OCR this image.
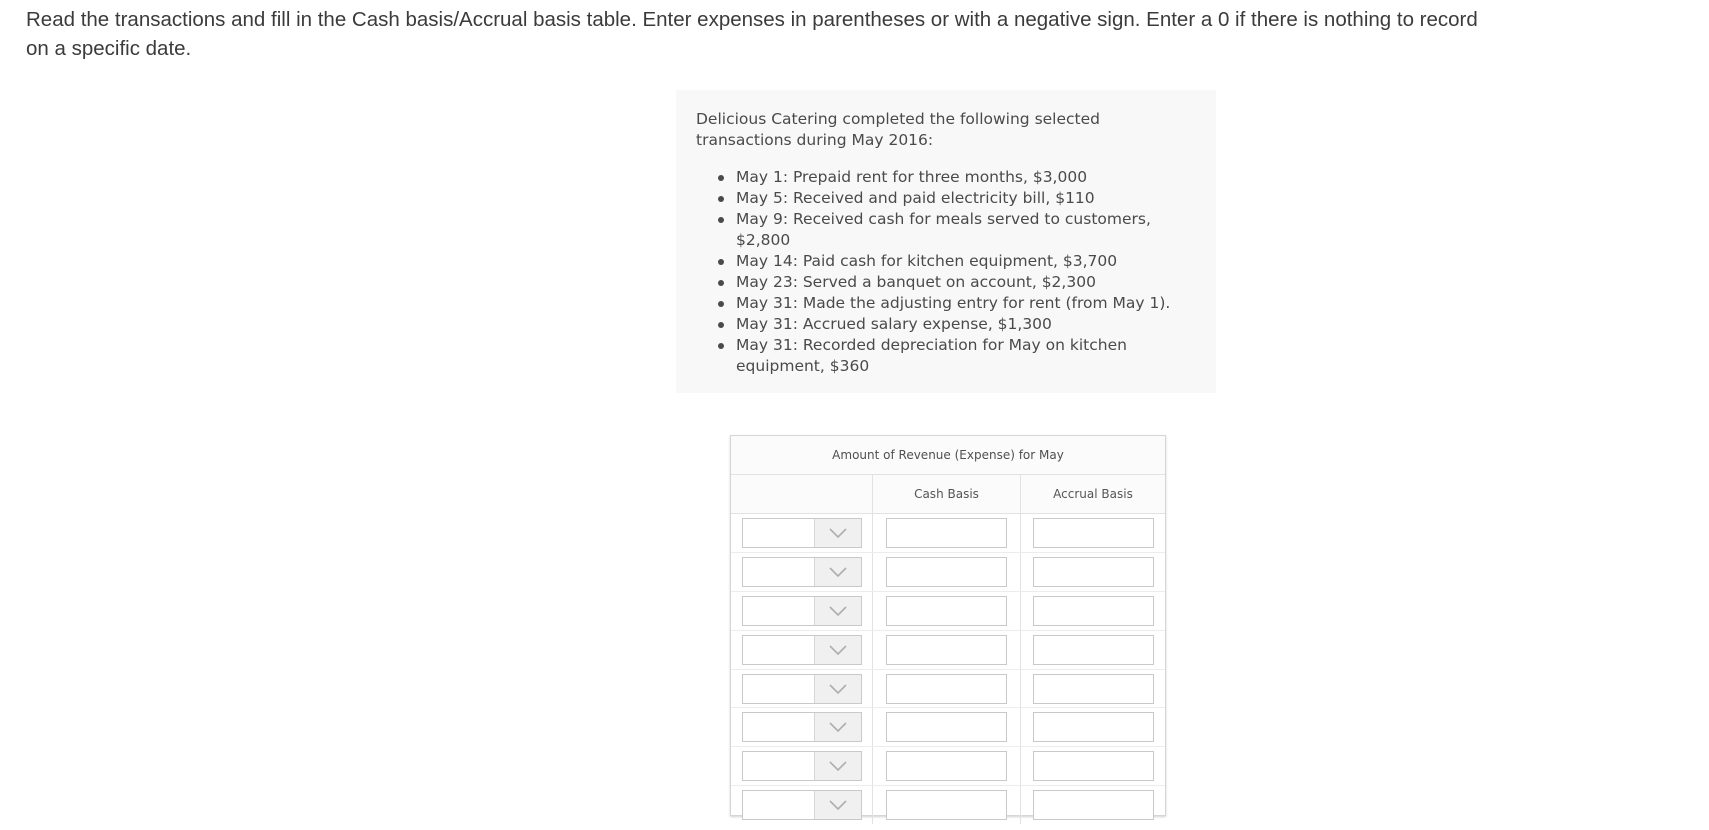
Read the transactions and fill in the Cash basis/Accrual basis table. Enter expenses in parentheses or with a negative sign. Enter a 0 if there is nothing to record on a specific date.

Delicious Catering completed the following selected transactions during May 2016:

May 1: Prepaid rent for three months, $3,000
May 5: Received and paid electricity bill, $110
May 9: Received cash for meals served to customers, $2,800
May 14: Paid cash for kitchen equipment, $3,700
May 23: Served a banquet on account, $2,300
May 31: Made the adjusting entry for rent (from May 1).
May 31: Accrued salary expense, $1,300
May 31: Recorded depreciation for May on kitchen equipment, $360
Amount of Revenue (Expense) for May
Cash Basis	Accrual Basis
